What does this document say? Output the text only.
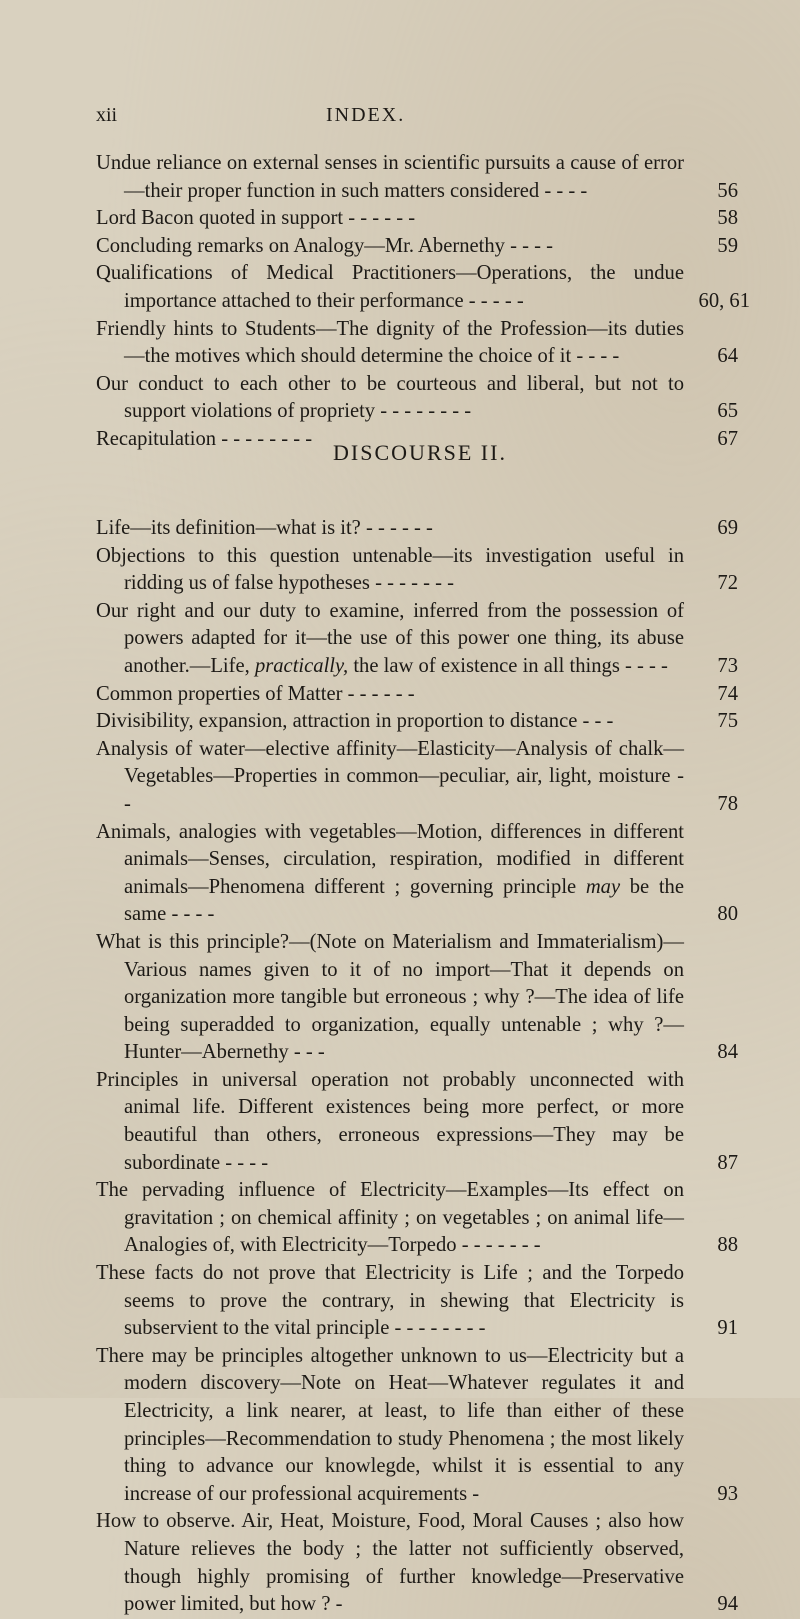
xii	INDEX.
Undue reliance on external senses in scientific pursuits a cause of error—their proper function in such matters considered - - - -	56
Lord Bacon quoted in support - - - - - -	58
Concluding remarks on Analogy—Mr. Abernethy - - - -	59
Qualifications of Medical Practitioners—Operations, the undue importance attached to their performance - - - - -	60, 61
Friendly hints to Students—The dignity of the Profession—its duties—the motives which should determine the choice of it - - - -	64
Our conduct to each other to be courteous and liberal, but not to support violations of propriety - - - - - - - -	65
Recapitulation - - - - - - - -	67
DISCOURSE II.
Life—its definition—what is it? - - - - - -	69
Objections to this question untenable—its investigation useful in ridding us of false hypotheses - - - - - - -	72
Our right and our duty to examine, inferred from the possession of powers adapted for it—the use of this power one thing, its abuse another.—Life, practically, the law of existence in all things - - - -	73
Common properties of Matter - - - - - -	74
Divisibility, expansion, attraction in proportion to distance - - -	75
Analysis of water—elective affinity—Elasticity—Analysis of chalk—Vegetables—Properties in common—peculiar, air, light, moisture - -	78
Animals, analogies with vegetables—Motion, differences in different animals—Senses, circulation, respiration, modified in different animals—Phenomena different ; governing principle may be the same - - - -	80
What is this principle?—(Note on Materialism and Immaterialism)—Various names given to it of no import—That it depends on organization more tangible but erroneous ; why ?—The idea of life being superadded to organization, equally untenable ; why ?—Hunter—Abernethy - - -	84
Principles in universal operation not probably unconnected with animal life. Different existences being more perfect, or more beautiful than others, erroneous expressions—They may be subordinate - - - -	87
The pervading influence of Electricity—Examples—Its effect on gravitation ; on chemical affinity ; on vegetables ; on animal life—Analogies of, with Electricity—Torpedo - - - - - - -	88
These facts do not prove that Electricity is Life ; and the Torpedo seems to prove the contrary, in shewing that Electricity is subservient to the vital principle - - - - - - - -	91
There may be principles altogether unknown to us—Electricity but a modern discovery—Note on Heat—Whatever regulates it and Electricity, a link nearer, at least, to life than either of these principles—Recommendation to study Phenomena ; the most likely thing to advance our knowlegde, whilst it is essential to any increase of our professional acquirements -	93
How to observe. Air, Heat, Moisture, Food, Moral Causes ; also how Nature relieves the body ; the latter not sufficiently observed, though highly promising of further knowledge—Preservative power limited, but how ? -	94
